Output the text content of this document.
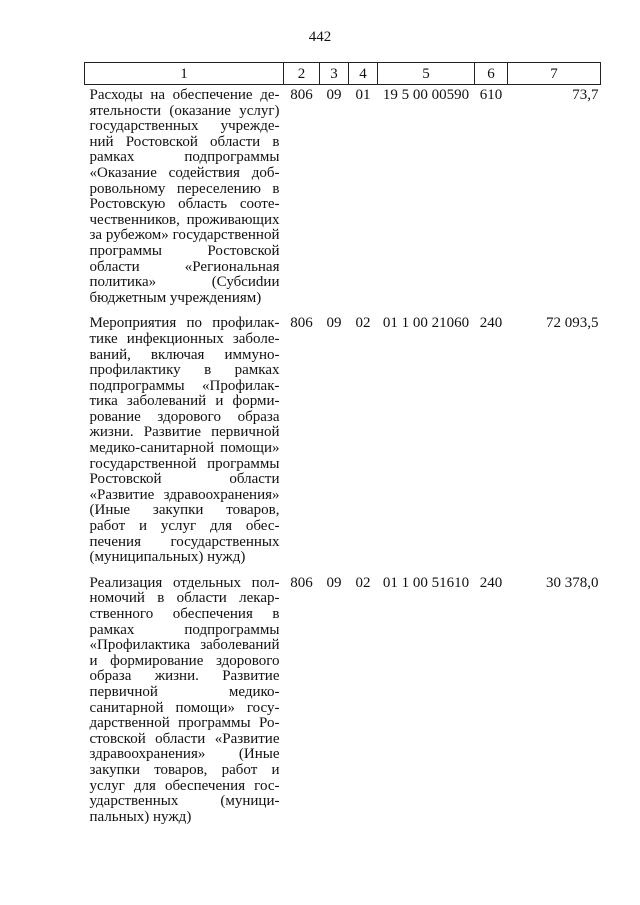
442
1	2	3	4	5	6	7
Расходы на обеспечение деятельности (оказание услуг) государственных учреждений Ростовской области в рамках подпрограммы «Оказание содействия добровольному переселению в Ростовскую область соотeчественников, проживающих за рубежом» государственной программы Ростовской области «Региональная политика» (Субсиdии бюджетным учреждениям)	806	09	01	19 5 00 00590	610	73,7
Мероприятия по профилактике инфекционных заболеваний, включая иммунопрофилактику в рамках подпрограммы «Профилактика заболеваний и формирование здорового образа жизни. Развитие первичной медико-санитарной помощи» государственной программы Ростовской области «Развитие здравоохранения» (Иные закупки товаров, работ и услуг для обеспечения государственных (муниципальных) нужд)	806	09	02	01 1 00 21060	240	72 093,5
Реализация отдельных полномочий в области лекарственного обеспечения в рамках подпрограммы «Профилактика заболеваний и формирование здорового образа жизни. Развитие первичной медико-санитарной помощи» государственной программы Ростовской области «Развитие здравоохранения» (Иные закупки товаров, работ и услуг для обеспечения государственных (муниципальных) нужд)	806	09	02	01 1 00 51610	240	30 378,0
